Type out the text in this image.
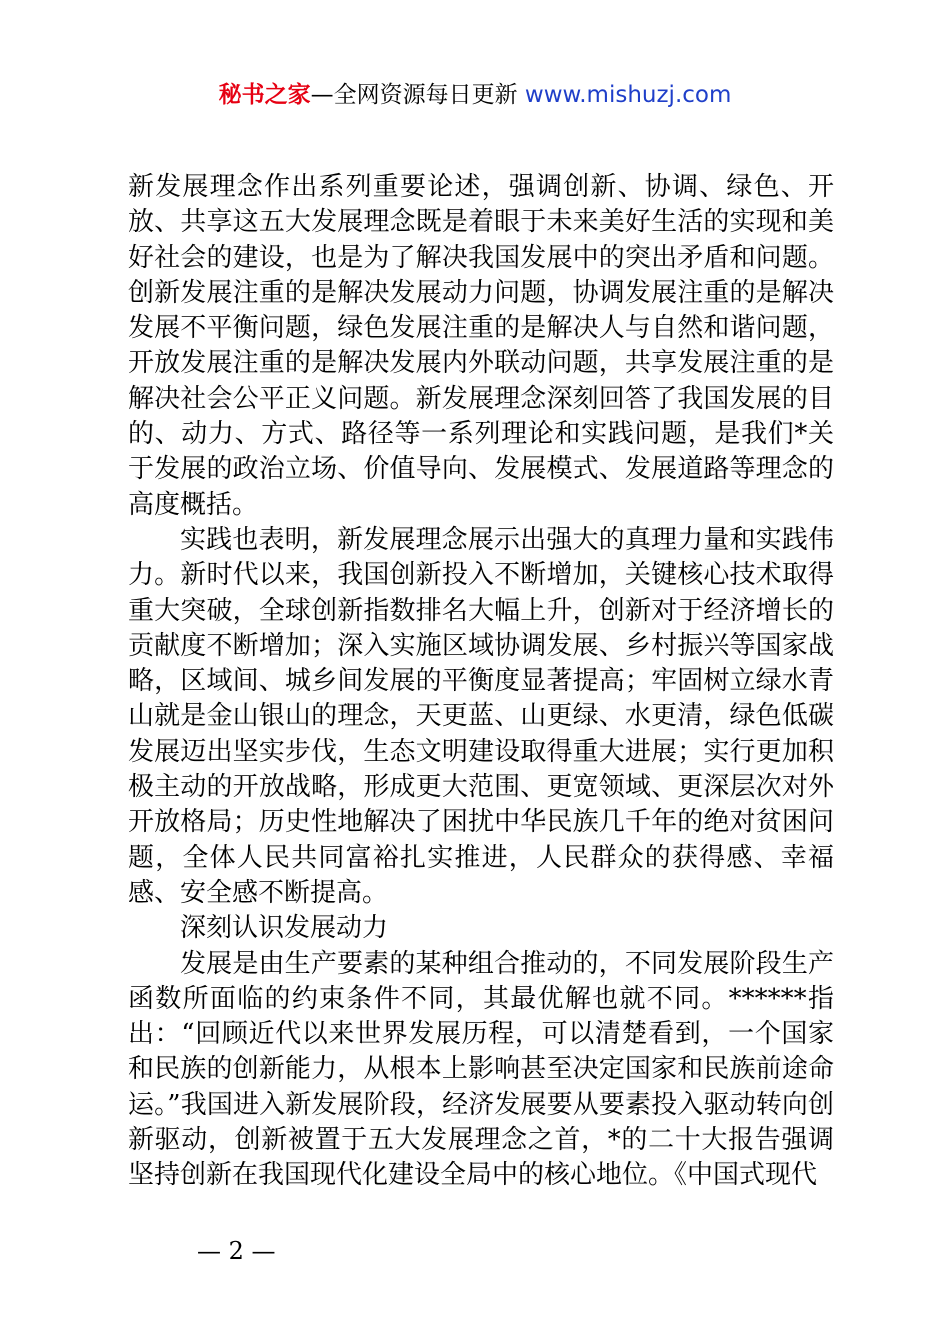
秘书之家—全网资源每日更新 www.mishuzj.com

新发展理念作出系列重要论述，强调创新、协调、绿色、开放、共享这五大发展理念既是着眼于未来美好生活的实现和美好社会的建设，也是为了解决我国发展中的突出矛盾和问题。创新发展注重的是解决发展动力问题，协调发展注重的是解决发展不平衡问题，绿色发展注重的是解决人与自然和谐问题，开放发展注重的是解决发展内外联动问题，共享发展注重的是解决社会公平正义问题。新发展理念深刻回答了我国发展的目的、动力、方式、路径等一系列理论和实践问题，是我们*关于发展的政治立场、价值导向、发展模式、发展道路等理念的高度概括。

实践也表明，新发展理念展示出强大的真理力量和实践伟力。新时代以来，我国创新投入不断增加，关键核心技术取得重大突破，全球创新指数排名大幅上升，创新对于经济增长的贡献度不断增加；深入实施区域协调发展、乡村振兴等国家战略，区域间、城乡间发展的平衡度显著提高；牢固树立绿水青山就是金山银山的理念，天更蓝、山更绿、水更清，绿色低碳发展迈出坚实步伐，生态文明建设取得重大进展；实行更加积极主动的开放战略，形成更大范围、更宽领域、更深层次对外开放格局；历史性地解决了困扰中华民族几千年的绝对贫困问题，全体人民共同富裕扎实推进，人民群众的获得感、幸福感、安全感不断提高。

深刻认识发展动力

发展是由生产要素的某种组合推动的，不同发展阶段生产函数所面临的约束条件不同，其最优解也就不同。******指出：“回顾近代以来世界发展历程，可以清楚看到，一个国家和民族的创新能力，从根本上影响甚至决定国家和民族前途命运。”我国进入新发展阶段，经济发展要从要素投入驱动转向创新驱动，创新被置于五大发展理念之首，*的二十大报告强调坚持创新在我国现代化建设全局中的核心地位。《中国式现代

— 2 —
